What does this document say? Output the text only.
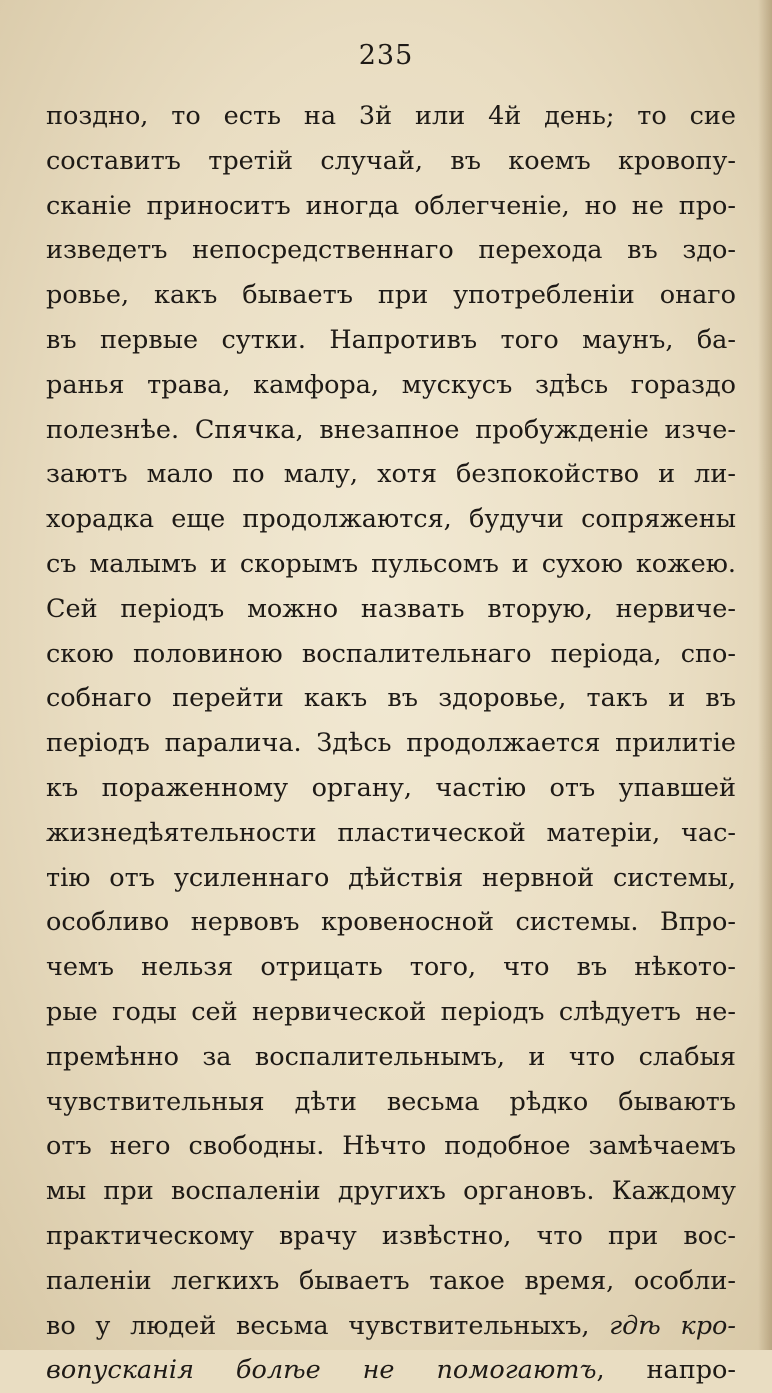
235
поздно, то есть на 3й или 4й день; то сие
составитъ третій случай, въ коемъ кровопу-
сканіе приноситъ иногда облегченіе, но не про-
изведетъ непосредственнаго перехода въ здо-
ровье, какъ бываетъ при употребленіи онаго
въ первые сутки. Напротивъ того маунъ, ба-
ранья трава, камфора, мускусъ здѣсь гораздо
полезнѣе. Спячка, внезапное пробужденіе изче-
заютъ мало по малу, хотя безпокойство и ли-
хорадка еще продолжаются, будучи сопряжены
съ малымъ и скорымъ пульсомъ и сухою кожею.
Сей періодъ можно назвать вторую, нервиче-
скою половиною воспалительнаго періода, спо-
собнаго перейти какъ въ здоровье, такъ и въ
періодъ паралича. Здѣсь продолжается прилитіе
къ пораженному органу, частію отъ упавшей
жизнедѣятельности пластической матеріи, час-
тію отъ усиленнаго дѣйствія нервной системы,
особливо нервовъ кровеносной системы. Впро-
чемъ нельзя отрицать того, что въ нѣкото-
рые годы сей нервической періодъ слѣдуетъ не-
премѣнно за воспалительнымъ, и что слабыя
чувствительныя дѣти весьма рѣдко бываютъ
отъ него свободны. Нѣчто подобное замѣчаемъ
мы при воспаленіи другихъ органовъ. Каждому
практическому врачу извѣстно, что при вос-
паленіи легкихъ бываетъ такое время, особли-
во у людей весьма чувствительныхъ, гдѣ кро-
вопусканія болѣе не помогаютъ, напро-
